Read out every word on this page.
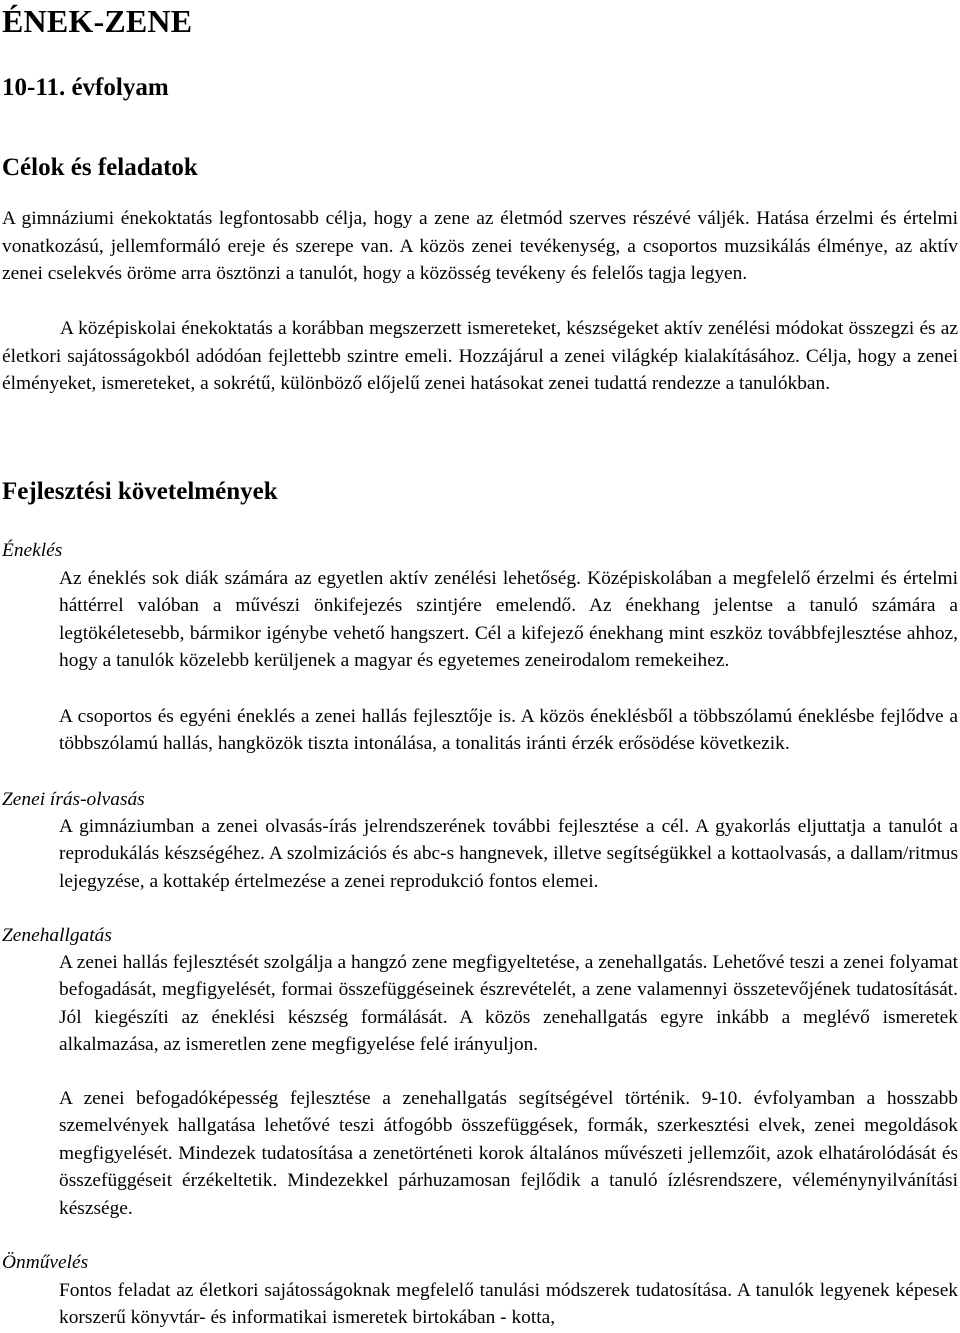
ÉNEK-ZENE
10-11. évfolyam
Célok és feladatok

A gimnáziumi énekoktatás legfontosabb célja, hogy a zene az életmód szerves részévé váljék. Hatása érzelmi és értelmi vonatkozású, jellemformáló ereje és szerepe van. A közös zenei tevékenység, a csoportos muzsikálás élménye, az aktív zenei cselekvés öröme arra ösztönzi a tanulót, hogy a közösség tevékeny és felelős tagja legyen.

A középiskolai énekoktatás a korábban megszerzett ismereteket, készségeket aktív zenélési módokat összegzi és az életkori sajátosságokból adódóan fejlettebb szintre emeli. Hozzájárul a zenei világkép kialakításához. Célja, hogy a zenei élményeket, ismereteket, a sokrétű, különböző előjelű zenei hatásokat zenei tudattá rendezze a tanulókban.

Fejlesztési követelmények

Éneklés

Az éneklés sok diák számára az egyetlen aktív zenélési lehetőség. Középiskolában a megfelelő érzelmi és értelmi háttérrel valóban a művészi önkifejezés szintjére emelendő. Az énekhang jelentse a tanuló számára a legtökéletesebb, bármikor igénybe vehető hangszert. Cél a kifejező énekhang mint eszköz továbbfejlesztése ahhoz, hogy a tanulók közelebb kerüljenek a magyar és egyetemes zeneirodalom remekeihez.

A csoportos és egyéni éneklés a zenei hallás fejlesztője is. A közös éneklésből a többszólamú éneklésbe fejlődve a többszólamú hallás, hangközök tiszta intonálása, a tonalitás iránti érzék erősödése következik.

Zenei írás-olvasás

A gimnáziumban a zenei olvasás-írás jelrendszerének további fejlesztése a cél. A gyakorlás eljuttatja a tanulót a reprodukálás készségéhez. A szolmizációs és abc-s hangnevek, illetve segítségükkel a kottaolvasás, a dallam/ritmus lejegyzése, a kottakép értelmezése a zenei reprodukció fontos elemei.

Zenehallgatás

A zenei hallás fejlesztését szolgálja a hangzó zene megfigyeltetése, a zenehallgatás. Lehetővé teszi a zenei folyamat befogadását, megfigyelését, formai összefüggéseinek észrevételét, a zene valamennyi összetevőjének tudatosítását. Jól kiegészíti az éneklési készség formálását. A közös zenehallgatás egyre inkább a meglévő ismeretek alkalmazása, az ismeretlen zene megfigyelése felé irányuljon.

A zenei befogadóképesség fejlesztése a zenehallgatás segítségével történik. 9-10. évfolyamban a hosszabb szemelvények hallgatása lehetővé teszi átfogóbb összefüggések, formák, szerkesztési elvek, zenei megoldások megfigyelését. Mindezek tudatosítása a zenetörténeti korok általános művészeti jellemzőit, azok elhatárolódását és összefüggéseit érzékeltetik. Mindezekkel párhuzamosan fejlődik a tanuló ízlésrendszere, véleménynyilvánítási készsége.

Önművelés

Fontos feladat az életkori sajátosságoknak megfelelő tanulási módszerek tudatosítása. A tanulók legyenek képesek korszerű könyvtár- és informatikai ismeretek birtokában - kotta,
